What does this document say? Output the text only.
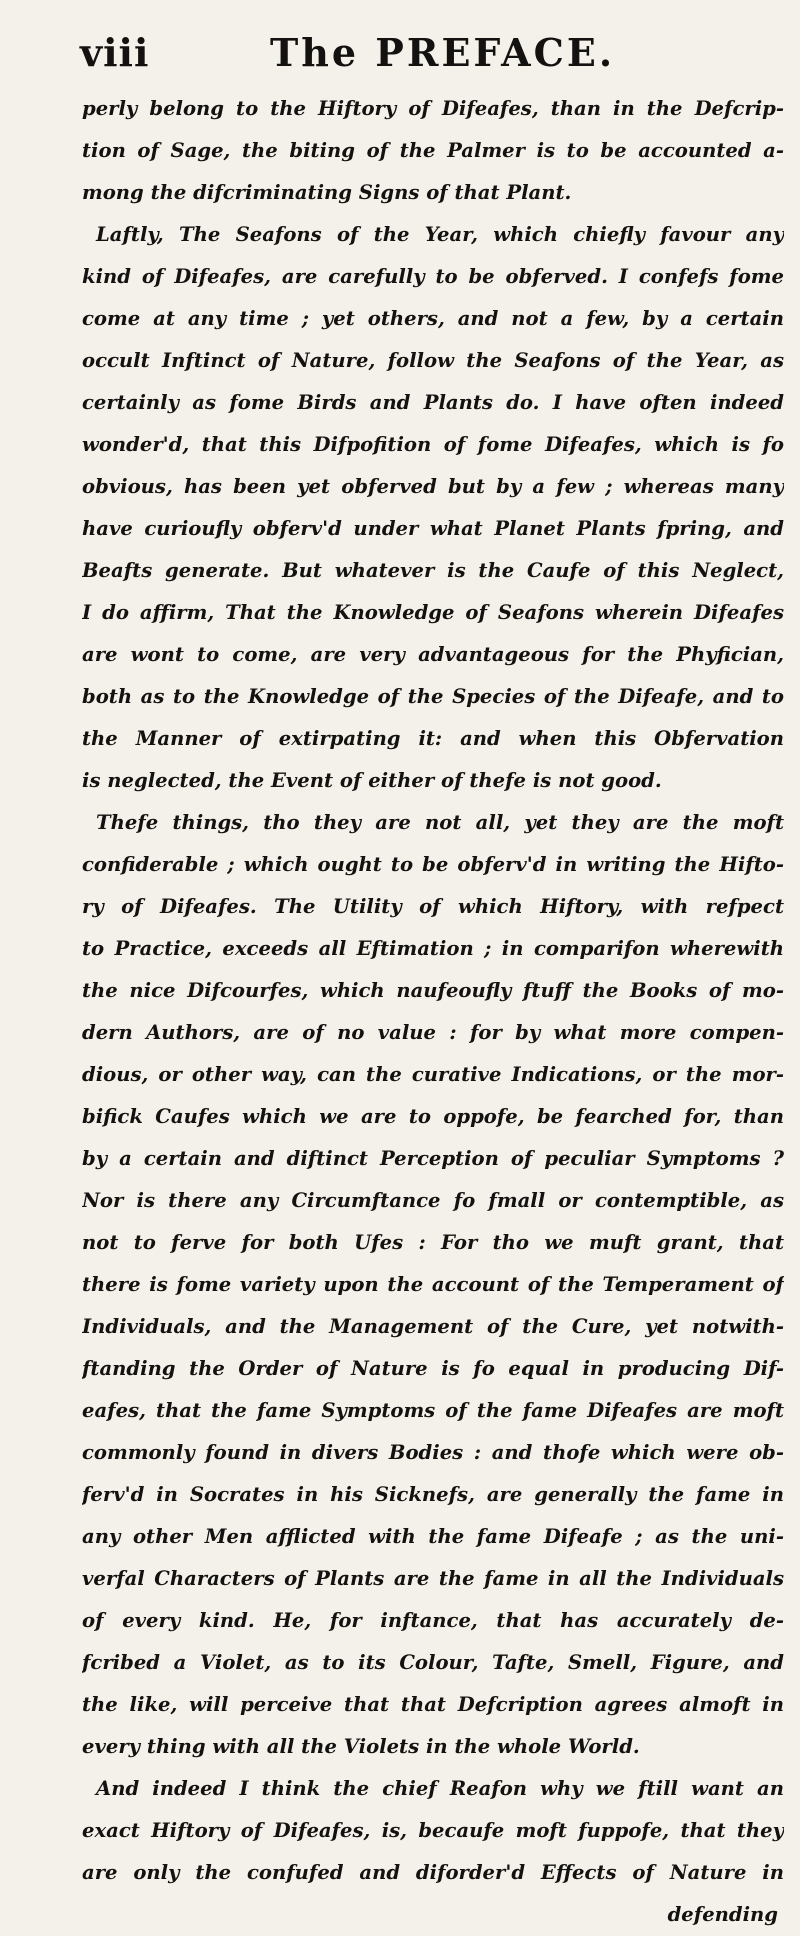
viii	The PREFACE.
perly belong to the Hiftory of Difeafes, than in the Defcrip-
tion of Sage, the biting of the Palmer is to be accounted a-
mong the difcriminating Signs of that Plant.
Laftly, The Seafons of the Year, which chiefly favour any
kind of Difeafes, are carefully to be obferved. I confefs fome
come at any time ; yet others, and not a few, by a certain
occult Inftinct of Nature, follow the Seafons of the Year, as
certainly as fome Birds and Plants do. I have often indeed
wonder'd, that this Difpofition of fome Difeafes, which is fo
obvious, has been yet obferved but by a few ; whereas many
have curioufly obferv'd under what Planet Plants fpring, and
Beafts generate. But whatever is the Caufe of this Neglect,
I do affirm, That the Knowledge of Seafons wherein Difeafes
are wont to come, are very advantageous for the Phyfician,
both as to the Knowledge of the Species of the Difeafe, and to
the Manner of extirpating it: and when this Obfervation
is neglected, the Event of either of thefe is not good.
Thefe things, tho they are not all, yet they are the moft
confiderable ; which ought to be obferv'd in writing the Hifto-
ry of Difeafes. The Utility of which Hiftory, with refpect
to Practice, exceeds all Eftimation ; in comparifon wherewith
the nice Difcourfes, which naufeoufly ftuff the Books of mo-
dern Authors, are of no value : for by what more compen-
dious, or other way, can the curative Indications, or the mor-
bifick Caufes which we are to oppofe, be fearched for, than
by a certain and diftinct Perception of peculiar Symptoms ?
Nor is there any Circumftance fo fmall or contemptible, as
not to ferve for both Ufes : For tho we muft grant, that
there is fome variety upon the account of the Temperament of
Individuals, and the Management of the Cure, yet notwith-
ftanding the Order of Nature is fo equal in producing Dif-
eafes, that the fame Symptoms of the fame Difeafes are moft
commonly found in divers Bodies : and thofe which were ob-
ferv'd in Socrates in his Sicknefs, are generally the fame in
any other Men afflicted with the fame Difeafe ; as the uni-
verfal Characters of Plants are the fame in all the Individuals
of every kind. He, for inftance, that has accurately de-
fcribed a Violet, as to its Colour, Tafte, Smell, Figure, and
the like, will perceive that that Defcription agrees almoft in
every thing with all the Violets in the whole World.
And indeed I think the chief Reafon why we ftill want an
exact Hiftory of Difeafes, is, becaufe moft fuppofe, that they
are only the confufed and diforder'd Effects of Nature in
defending
